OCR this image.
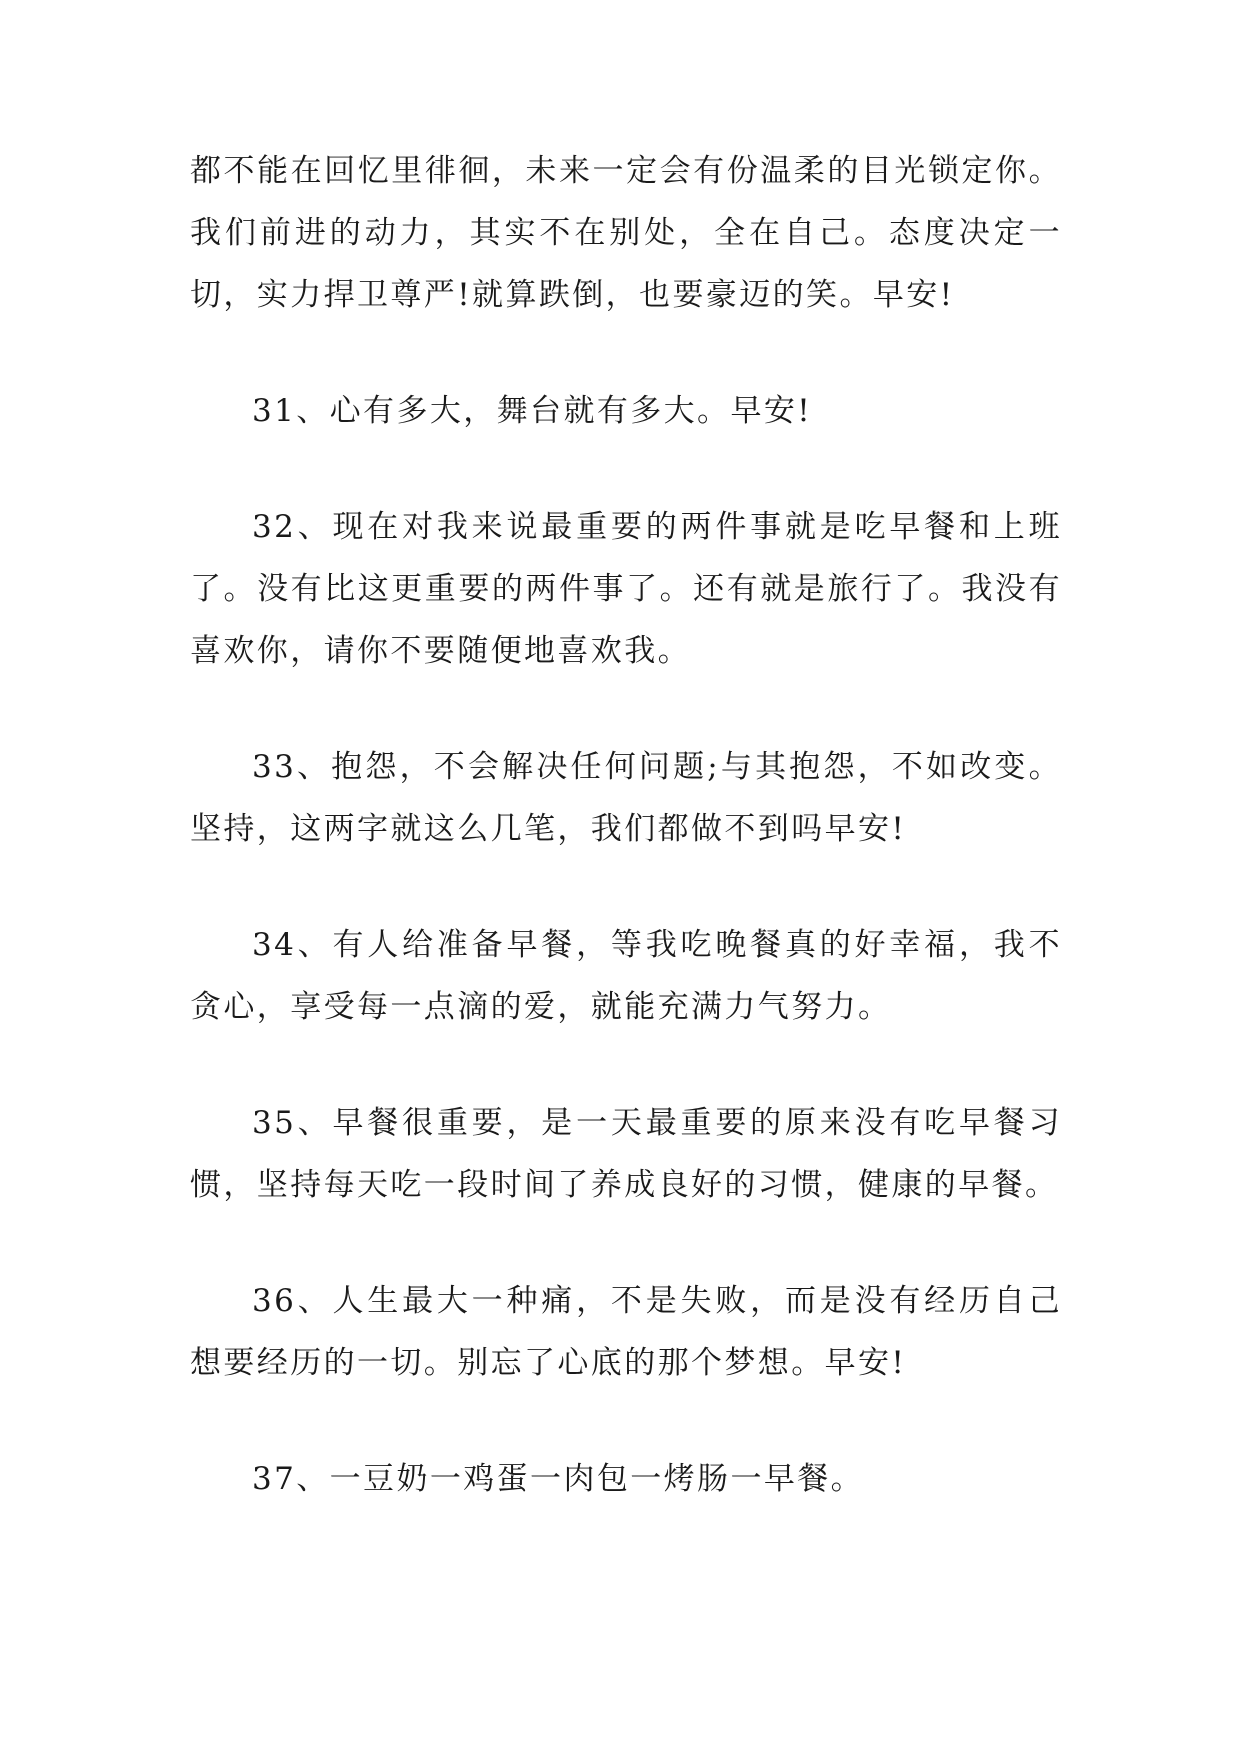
都不能在回忆里徘徊，未来一定会有份温柔的目光锁定你。我们前进的动力，其实不在别处，全在自己。态度决定一切，实力捍卫尊严!就算跌倒，也要豪迈的笑。早安!

31、心有多大，舞台就有多大。早安!

32、现在对我来说最重要的两件事就是吃早餐和上班了。没有比这更重要的两件事了。还有就是旅行了。我没有喜欢你，请你不要随便地喜欢我。

33、抱怨，不会解决任何问题;与其抱怨，不如改变。坚持，这两字就这么几笔，我们都做不到吗早安!

34、有人给准备早餐，等我吃晚餐真的好幸福，我不贪心，享受每一点滴的爱，就能充满力气努力。

35、早餐很重要，是一天最重要的原来没有吃早餐习惯，坚持每天吃一段时间了养成良好的习惯，健康的早餐。

36、人生最大一种痛，不是失败，而是没有经历自己想要经历的一切。别忘了心底的那个梦想。早安!

37、一豆奶一鸡蛋一肉包一烤肠一早餐。
